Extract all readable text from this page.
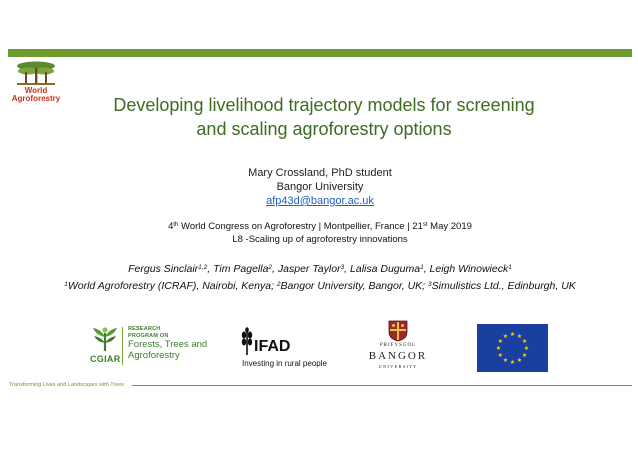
World
Agroforestry	Developing livelihood trajectory models for screening
and scaling agroforestry options
Mary Crossland, PhD student
Bangor University
afp43d@bangor.ac.uk
4th World Congress on Agroforestry | Montpellier, France | 21st May 2019
L8 -Scaling up of agroforestry innovations
Fergus Sinclair$^{1,2}$, Tim Pagella$^2$, Jasper Taylor$^3$, Lalisa Duguma$^1$, Leigh Winowieck$^1$
$^1$World Agroforestry (ICRAF), Nairobi, Kenya; $^2$Bangor University, Bangor, UK; $^3$Simulistics Ltd., Edinburgh, UK
CGIAR
RESEARCH
PROGRAM ON
Forests, Trees and
Agroforestry
IFAD
Investing in rural people
PRIFYSGOL
BANGOR
UNIVERSITY
★ ★
★
★
★
★
★
★
★
★
★
★
Transforming Lives and Landscapes with Trees
